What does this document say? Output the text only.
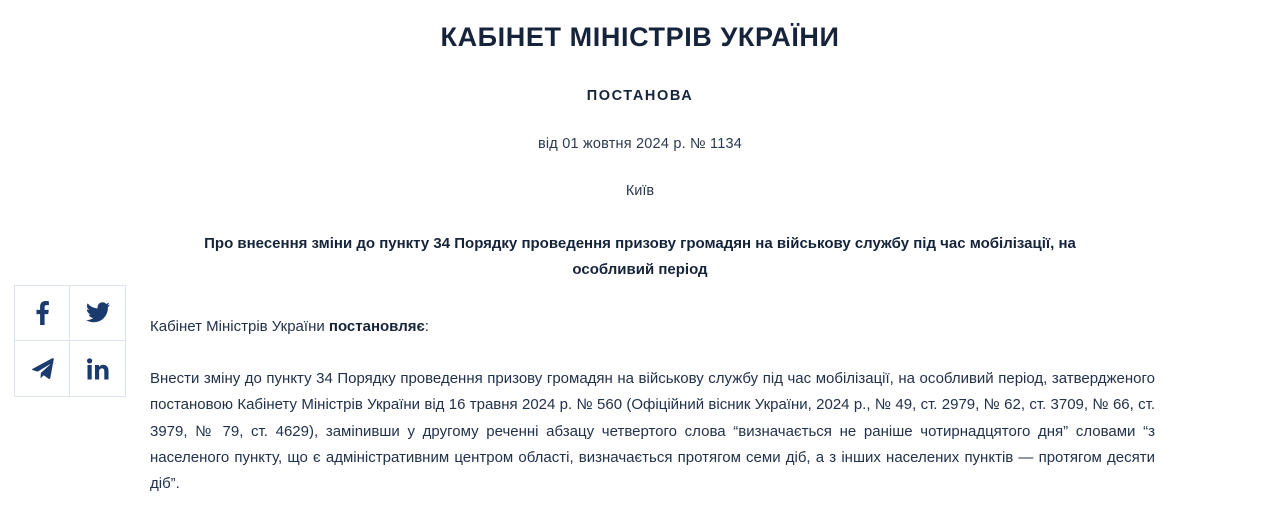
КАБІНЕТ МІНІСТРІВ УКРАЇНИ
ПОСТАНОВА
від 01 жовтня 2024 р. № 1134
Київ
Про внесення зміни до пункту 34 Порядку проведення призову громадян на військову службу під час мобілізації, на особливий період

Кабінет Міністрів України постановляє:

Внести зміну до пункту 34 Порядку проведення призову громадян на військову службу під час мобілізації, на особливий період, затвердженого постановою Кабінету Міністрів України від 16 травня 2024 р. № 560 (Офіційний вісник України, 2024 р., № 49, ст. 2979, № 62, ст. 3709, № 66, ст. 3979, № 79, ст. 4629), заміnивши у другому реченні абзацу четвертого слова “визначається не раніше чотирнадцятого дня” словами “з населеного пункту, що є адміністративним центром області, визначається протягом семи діб, а з інших населених пунктів — протягом десяти діб”.
